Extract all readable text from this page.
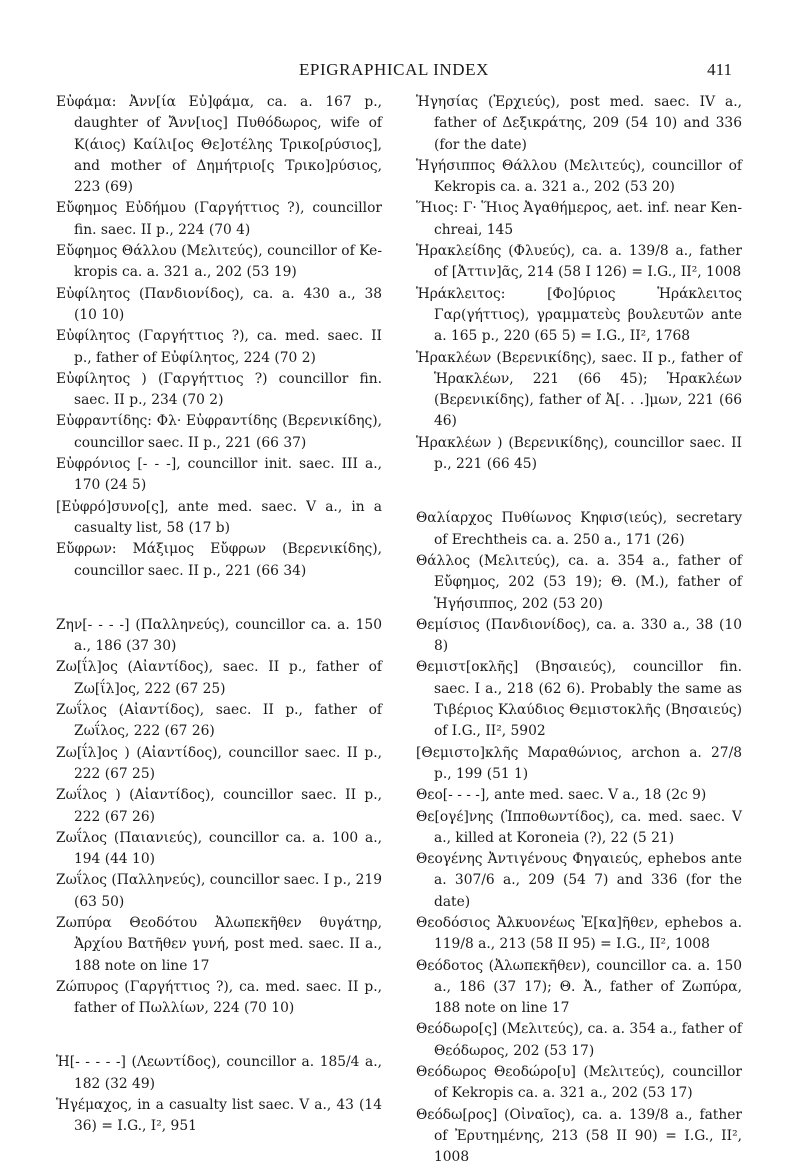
EPIGRAPHICAL INDEX	411

Εὐφάμα: Ἀνν[ία Εὐ]φάμα, ca. a. 167 p., daughter of Ἄνν[ιος] Πυθόδωρος, wife of Κ(άιος) Καίλι[ος Θε]οτέλης Τρικο[ρύσιος], and mother of Δημήτριο[ς Τρικο]ρύσιος, 223 (69)

Εὔφημος Εὐδήμου (Γαργήττιος ?), councillor fin. saec. II p., 224 (70 4)

Εὔφημος Θάλλου (Μελιτεύς), councillor of Kekropis ca. a. 321 a., 202 (53 19)

Εὐφίλητος (Πανδιονίδος), ca. a. 430 a., 38 (10 10)

Εὐφίλητος (Γαργήττιος ?), ca. med. saec. II p., father of Εὐφίλητος, 224 (70 2)

Εὐφίλητος ) (Γαργήττιος ?) councillor fin. saec. II p., 234 (70 2)

Εὐφραντίδης: Φλ· Εὐφραντίδης (Βερενικίδης), councillor saec. II p., 221 (66 37)

Εὐφρόνιος [- - -], councillor init. saec. III a., 170 (24 5)

[Εὐφρό]συνο[ς], ante med. saec. V a., in a casualty list, 58 (17 b)

Εὔφρων: Μάξιμος Εὔφρων (Βερενικίδης), councillor saec. II p., 221 (66 34)

Ζην[- - - -] (Παλληνεύς), councillor ca. a. 150 a., 186 (37 30)

Ζω[ΐλ]ος (Αἰαντίδος), saec. II p., father of Ζω[ΐλ]ος, 222 (67 25)

Ζωΐλος (Αἰαντίδος), saec. II p., father of Ζωΐλος, 222 (67 26)

Ζω[ΐλ]ος ) (Αἰαντίδος), councillor saec. II p., 222 (67 25)

Ζωΐλος ) (Αἰαντίδος), councillor saec. II p., 222 (67 26)

Ζωΐλος (Παιανιεύς), councillor ca. a. 100 a., 194 (44 10)

Ζωΐλος (Παλληνεύς), councillor saec. I p., 219 (63 50)

Ζωπύρα Θεοδότου Ἀλωπεκῆθεν θυγάτηρ, Ἀρχίου Βατῆθεν γυνή, post med. saec. II a., 188 note on line 17

Ζώπυρος (Γαργήττιος ?), ca. med. saec. II p., father of Πωλλίων, 224 (70 10)

Ἡ[- - - - -] (Λεωντίδος), councillor a. 185/4 a., 182 (32 49)

Ἡγέμαχος, in a casualty list saec. V a., 43 (14 36) = I.G., I², 951

Ἡγησίας (Ἐρχιεύς), post med. saec. IV a., father of Δεξικράτης, 209 (54 10) and 336 (for the date)

Ἡγήσιππος Θάλλου (Μελιτεύς), councillor of Kekropis ca. a. 321 a., 202 (53 20)

Ἥιος: Γ· Ἥιος Ἀγαθήμερος, aet. inf. near Kenchreai, 145

Ἡρακλείδης (Φλυεύς), ca. a. 139/8 a., father of [Ἀττιν]ᾶς, 214 (58 I 126) = I.G., II², 1008

Ἡράκλειτος: [Φο]ύριος Ἡράκλειτος Γαρ(γήττιος), γραμματεὺς βουλευτῶν ante a. 165 p., 220 (65 5) = I.G., II², 1768

Ἡρακλέων (Βερενικίδης), saec. II p., father of Ἡρακλέων, 221 (66 45); Ἡρακλέων (Βερενικίδης), father of Ἀ[. . .]μων, 221 (66 46)

Ἡρακλέων ) (Βερενικίδης), councillor saec. II p., 221 (66 45)

Θαλίαρχος Πυθίωνος Κηφισ(ιεύς), secretary of Erechtheis ca. a. 250 a., 171 (26)

Θάλλος (Μελιτεύς), ca. a. 354 a., father of Εὔφημος, 202 (53 19); Θ. (M.), father of Ἡγήσιππος, 202 (53 20)

Θεμίσιος (Πανδιονίδος), ca. a. 330 a., 38 (10 8)

Θεμιστ[οκλῆς] (Βησαιεύς), councillor fin. saec. I a., 218 (62 6). Probably the same as Τιβέριος Κλαύδιος Θεμιστοκλῆς (Βησαιεύς) of I.G., II², 5902

[Θεμιστο]κλῆς Μαραθώνιος, archon a. 27/8 p., 199 (51 1)

Θεο[- - - -], ante med. saec. V a., 18 (2c 9)

Θε[ογέ]νης (Ἱπποθωντίδος), ca. med. saec. V a., killed at Koroneia (?), 22 (5 21)

Θεογένης Ἀντιγένους Φηγαιεύς, ephebos ante a. 307/6 a., 209 (54 7) and 336 (for the date)

Θεοδόσιος Ἀλκυονέως Ἐ[κα]ῆθεν, ephebos a. 119/8 a., 213 (58 II 95) = I.G., II², 1008

Θεόδοτος (Ἀλωπεκῆθεν), councillor ca. a. 150 a., 186 (37 17); Θ. Ἀ., father of Ζωπύρα, 188 note on line 17

Θεόδωρο[ς] (Μελιτεύς), ca. a. 354 a., father of Θεόδωρος, 202 (53 17)

Θεόδωρος Θεοδώρο[υ] (Μελιτεύς), councillor of Kekropis ca. a. 321 a., 202 (53 17)

Θεόδω[ρος] (Οἰναῖος), ca. a. 139/8 a., father of Ἐρυτημένης, 213 (58 II 90) = I.G., II², 1008
